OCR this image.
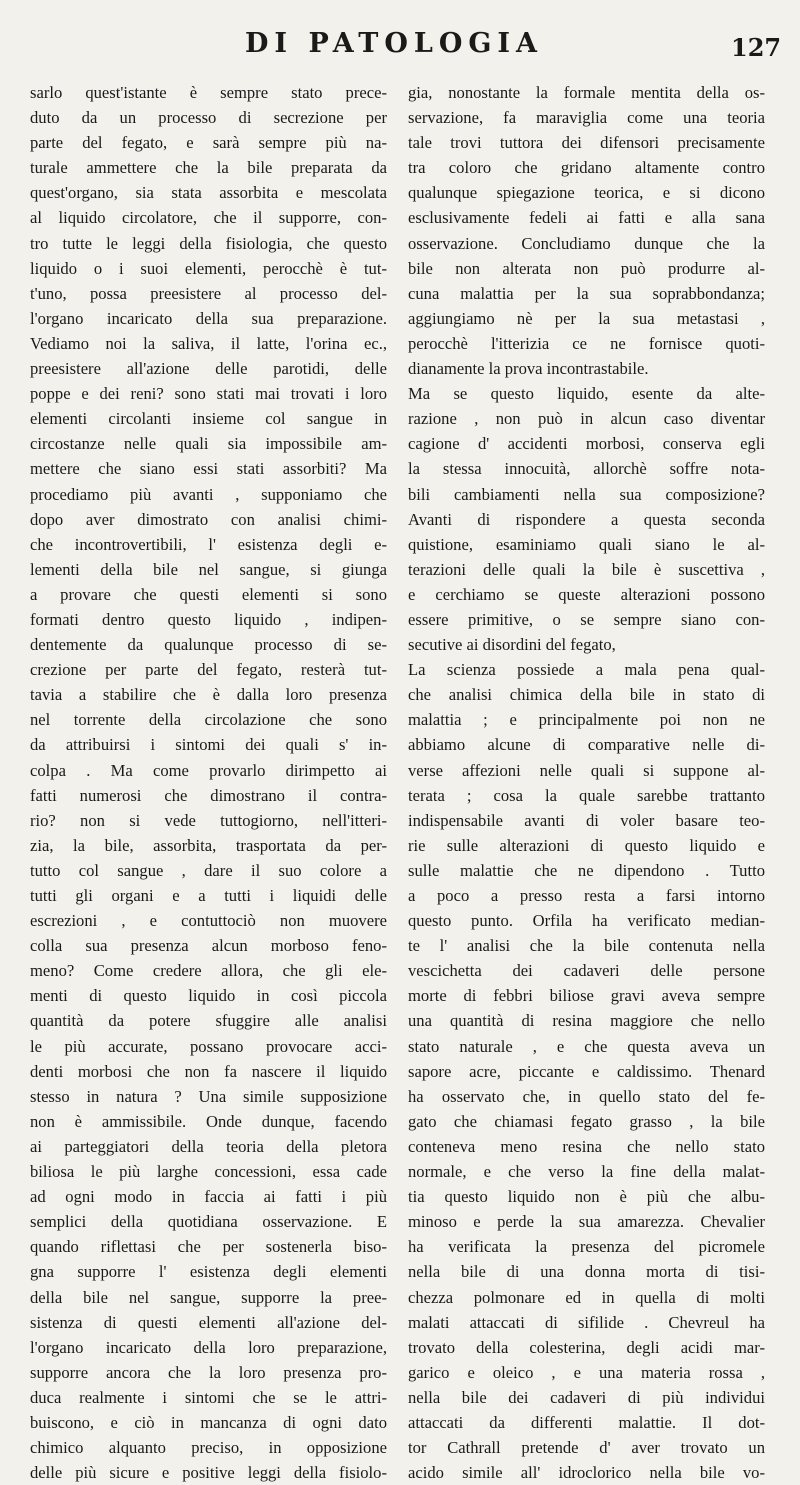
DI PATOLOGIA	127

sarlo quest'istante è sempre stato prece-
duto da un processo di secrezione per
parte del fegato, e sarà sempre più na-
turale ammettere che la bile preparata da
quest'organo, sia stata assorbita e mescolata
al liquido circolatore, che il supporre, con-
tro tutte le leggi della fisiologia, che questo
liquido o i suoi elementi, perocchè è tut-
t'uno, possa preesistere al processo del-
l'organo incaricato della sua preparazione.
Vediamo noi la saliva, il latte, l'orina ec.,
preesistere all'azione delle parotidi, delle
poppe e dei reni? sono stati mai trovati i loro
elementi circolanti insieme col sangue in
circostanze nelle quali sia impossibile am-
mettere che siano essi stati assorbiti? Ma
procediamo più avanti , supponiamo che
dopo aver dimostrato con analisi chimi-
che incontrovertibili, l' esistenza degli e-
lementi della bile nel sangue, si giunga
a provare che questi elementi si sono
formati dentro questo liquido , indipen-
dentemente da qualunque processo di se-
crezione per parte del fegato, resterà tut-
tavia a stabilire che è dalla loro presenza
nel torrente della circolazione che sono
da attribuirsi i sintomi dei quali s' in-
colpa . Ma come provarlo dirimpetto ai
fatti numerosi che dimostrano il contra-
rio? non si vede tuttogiorno, nell'itteri-
zia, la bile, assorbita, trasportata da per-
tutto col sangue , dare il suo colore a
tutti gli organi e a tutti i liquidi delle
escrezioni , e contuttociò non muovere
colla sua presenza alcun morboso feno-
meno? Come credere allora, che gli ele-
menti di questo liquido in così piccola
quantità da potere sfuggire alle analisi
le più accurate, possano provocare acci-
denti morbosi che non fa nascere il liquido
stesso in natura ? Una simile supposizione
non è ammissibile. Onde dunque, facendo
ai parteggiatori della teoria della pletora
biliosa le più larghe concessioni, essa cade
ad ogni modo in faccia ai fatti i più
semplici della quotidiana osservazione. E
quando riflettasi che per sostenerla biso-
gna supporre l' esistenza degli elementi
della bile nel sangue, supporre la pree-
sistenza di questi elementi all'azione del-
l'organo incaricato della loro preparazione,
supporre ancora che la loro presenza pro-
duca realmente i sintomi che se le attri-
buiscono, e ciò in mancanza di ogni dato
chimico alquanto preciso, in opposizione
delle più sicure e positive leggi della fisiolo-

gia, nonostante la formale mentita della os-
servazione, fa maraviglia come una teoria
tale trovi tuttora dei difensori precisamente
tra coloro che gridano altamente contro
qualunque spiegazione teorica, e si dicono
esclusivamente fedeli ai fatti e alla sana
osservazione. Concludiamo dunque che la
bile non alterata non può produrre al-
cuna malattia per la sua soprabbondanza;
aggiungiamo nè per la sua metastasi ,
perocchè l'itterizia ce ne fornisce quoti-
dianamente la prova incontrastabile.
Ma se questo liquido, esente da alte-
razione , non può in alcun caso diventar
cagione d' accidenti morbosi, conserva egli
la stessa innocuità, allorchè soffre nota-
bili cambiamenti nella sua composizione?
Avanti di rispondere a questa seconda
quistione, esaminiamo quali siano le al-
terazioni delle quali la bile è suscettiva ,
e cerchiamo se queste alterazioni possono
essere primitive, o se sempre siano con-
secutive ai disordini del fegato,
La scienza possiede a mala pena qual-
che analisi chimica della bile in stato di
malattia ; e principalmente poi non ne
abbiamo alcune di comparative nelle di-
verse affezioni nelle quali si suppone al-
terata ; cosa la quale sarebbe trattanto
indispensabile avanti di voler basare teo-
rie sulle alterazioni di questo liquido e
sulle malattie che ne dipendono . Tutto
a poco a presso resta a farsi intorno
questo punto. Orfila ha verificato median-
te l' analisi che la bile contenuta nella
vescichetta dei cadaveri delle persone
morte di febbri biliose gravi aveva sempre
una quantità di resina maggiore che nello
stato naturale , e che questa aveva un
sapore acre, piccante e caldissimo. Thenard
ha osservato che, in quello stato del fe-
gato che chiamasi fegato grasso , la bile
conteneva meno resina che nello stato
normale, e che verso la fine della malat-
tia questo liquido non è più che albu-
minoso e perde la sua amarezza. Chevalier
ha verificata la presenza del picromele
nella bile di una donna morta di tisi-
chezza polmonare ed in quella di molti
malati attaccati di sifilide . Chevreul ha
trovato della colesterina, degli acidi mar-
garico e oleico , e una materia rossa ,
nella bile dei cadaveri di più individui
attaccati da differenti malattie. Il dot-
tor Cathrall pretende d' aver trovato un
acido simile all' idroclorico nella bile vo-
